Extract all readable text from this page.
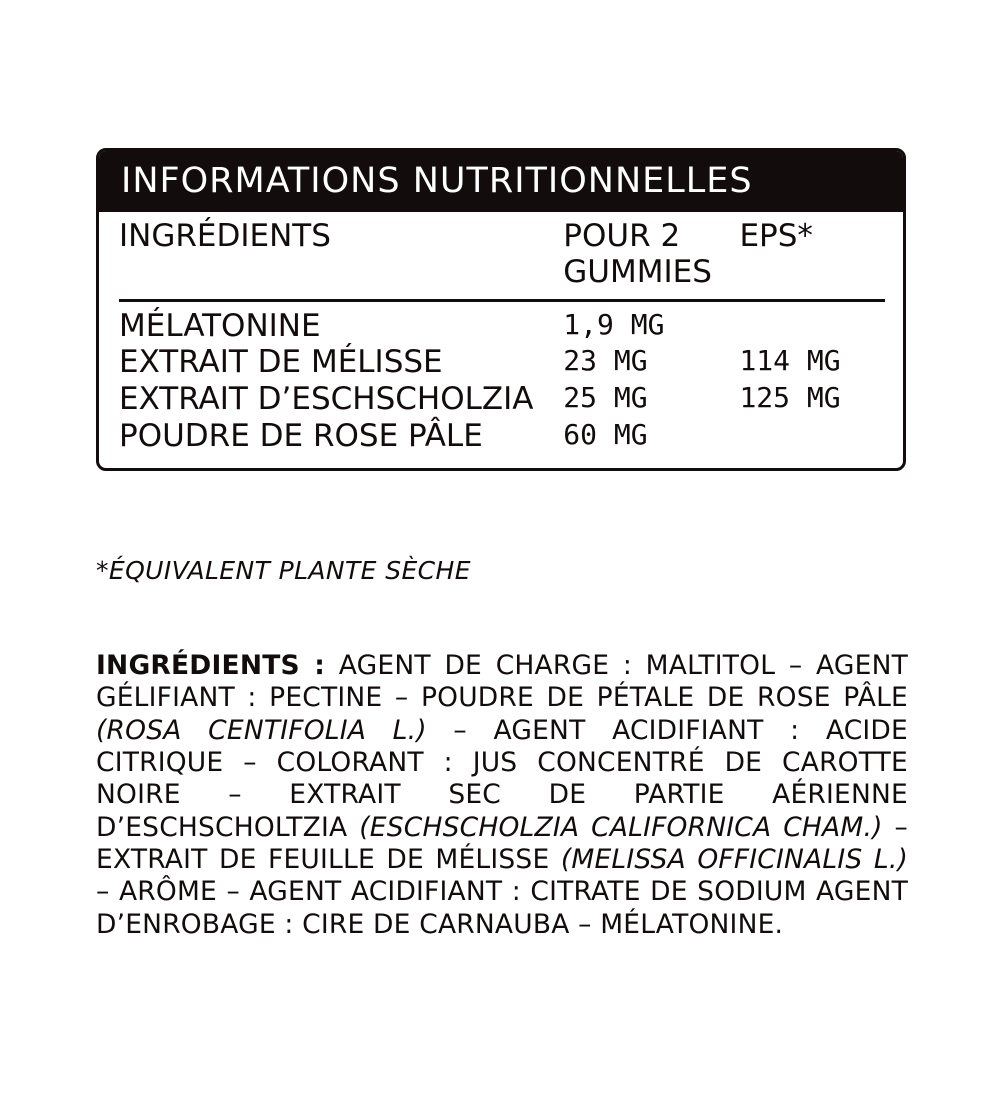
INFORMATIONS NUTRITIONNELLES
INGRÉDIENTS	POUR 2 GUMMIES	EPS*

MÉLATONINE	1,9 MG	
EXTRAIT DE MÉLISSE	23 MG	114 MG
EXTRAIT D’ESCHSCHOLZIA	25 MG	125 MG
POUDRE DE ROSE PÂLE	60 MG	
*ÉQUIVALENT PLANTE SÈCHE
INGRÉDIENTS : AGENT DE CHARGE : MALTITOL – AGENT GÉLIFIANT : PECTINE – POUDRE DE PÉTALE DE ROSE PÂLE (ROSA CENTIFOLIA L.) – AGENT ACIDIFIANT : ACIDE CITRIQUE – COLORANT : JUS CONCENTRÉ DE CAROTTE NOIRE – EXTRAIT SEC DE PARTIE AÉRIENNE D’ESCHSCHOLTZIA (ESCHSCHOLZIA CALIFORNICA CHAM.) – EXTRAIT DE FEUILLE DE MÉLISSE (MELISSA OFFICINALIS L.) – ARÔME – AGENT ACIDIFIANT : CITRATE DE SODIUM AGENT D’ENROBAGE : CIRE DE CARNAUBA – MÉLATONINE.
